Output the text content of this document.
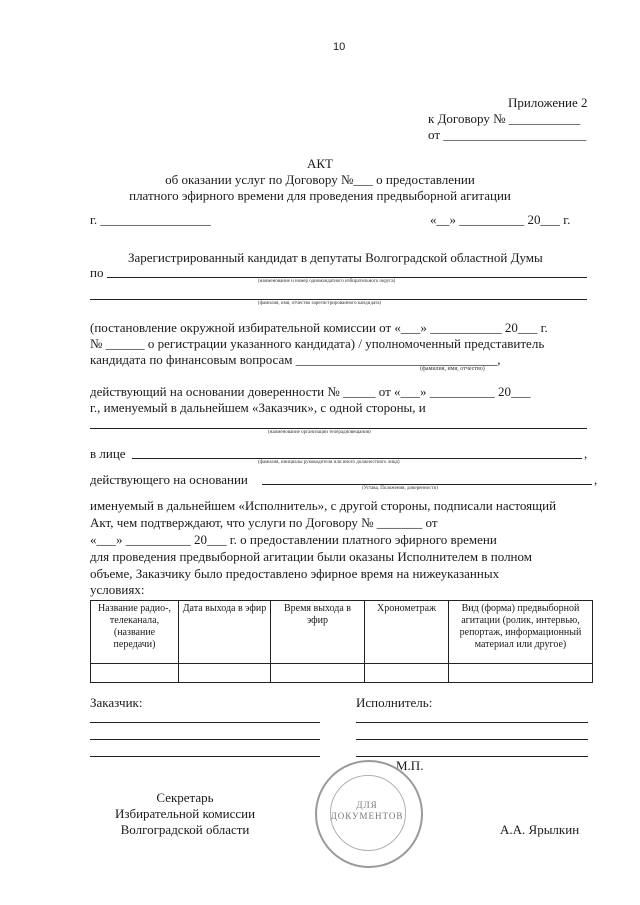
10
Приложение 2
к Договору № ___________
от ______________________
АКТ
об оказании услуг по Договору №___ о предоставлении
платного эфирного времени для проведения предвыборной агитации
г. _________________	«__» __________ 20___ г.
Зарегистрированный кандидат в депутаты Волгоградской областной Думы
по
(наименование и номер одномандатного избирательного округа)
(фамилия, имя, отчество зарегистрированного кандидата)
(постановление окружной избирательной комиссии от «___» ___________ 20___ г.
№ ______ о регистрации указанного кандидата) / уполномоченный представитель
кандидата по финансовым вопросам _______________________________,
(фамилия, имя, отчество)
действующий на основании доверенности № _____ от «___» __________ 20___
г., именуемый в дальнейшем «Заказчик», с одной стороны, и
(наименование организации телерадиовещания)
в лице	,
(фамилия, инициалы руководителя или иного должностного лица)
действующего на основании	,
(Устава, Положения, доверенности)
именуемый в дальнейшем «Исполнитель», с другой стороны, подписали настоящий
Акт, чем подтверждают, что услуги по Договору № _______ от
«___» __________ 20___ г. о предоставлении платного эфирного времени
для проведения предвыборной агитации были оказаны Исполнителем в полном
объеме, Заказчику было предоставлено эфирное время на нижеуказанных
условиях:
Название радио-, телеканала, (название передачи)	Дата выхода в эфир	Время выхода в эфир	Хронометраж	Вид (форма) предвыборной агитации (ролик, интервью, репортаж, информационный материал или другое)

Заказчик:	Исполнитель:
М.П.
ДЛЯ ДОКУМЕНТОВ
Секретарь
Избирательной комиссии
Волгоградской области	А.А. Ярылкин
